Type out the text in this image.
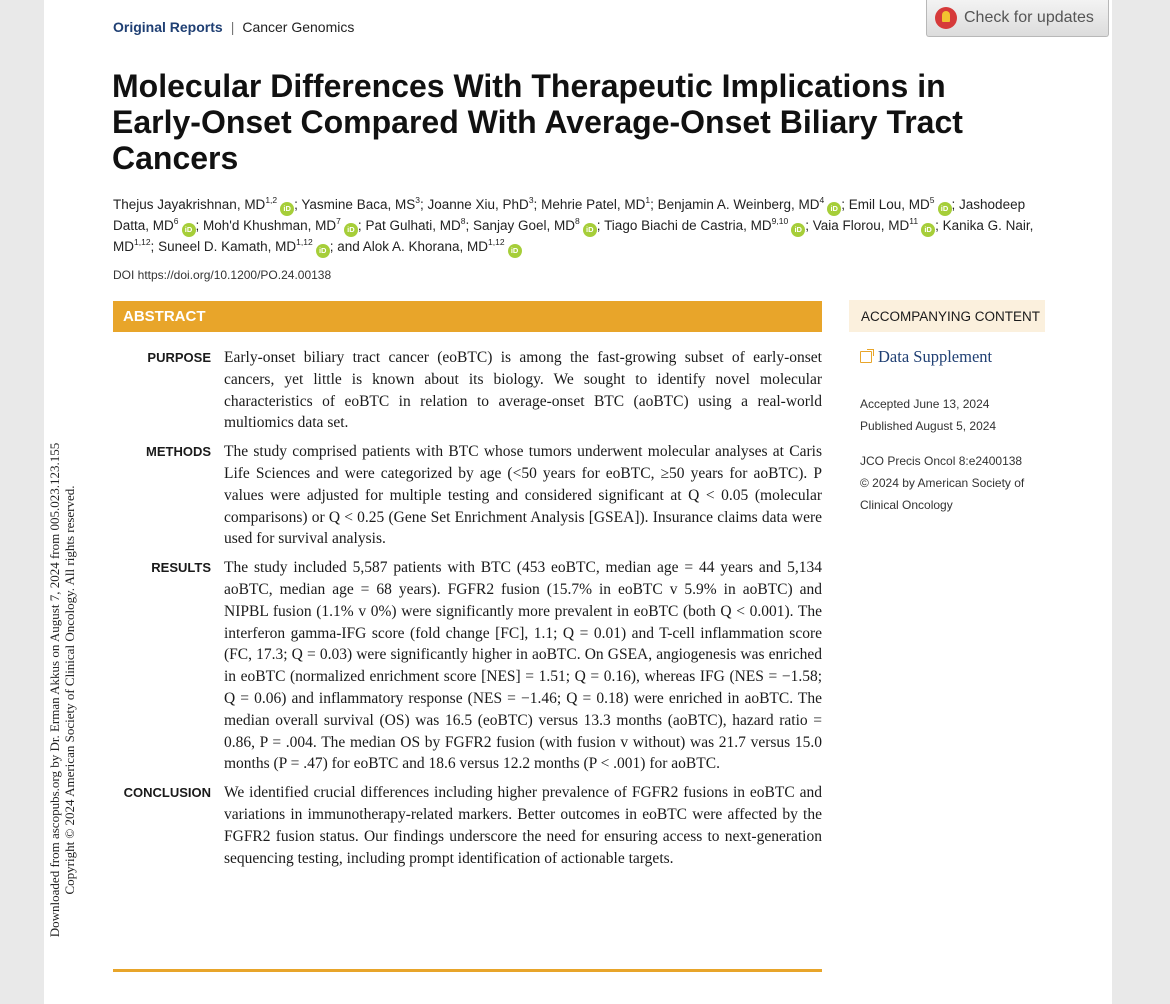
Downloaded from ascopubs.org by Dr. Erman Akkus on August 7, 2024 from 005.023.123.155 Copyright © 2024 American Society of Clinical Oncology. All rights reserved.
Check for updates
Original Reports | Cancer Genomics
Molecular Differences With Therapeutic Implications in Early-Onset Compared With Average-Onset Biliary Tract Cancers
Thejus Jayakrishnan, MD$^{1,2}$iD ; Yasmine Baca, $MS^3$; Joanne Xiu, PhD$^3$; Mehrie Patel, $MD^1$; Benjamin A. Weinberg, $MD^4iD$ ; Emil Lou, $MD^5iD$ ; Jashodeep Datta, $MD^6iD$ ; Moh'd Khushman, $MD^7iD$ ; Pat Gulhati, $MD^8$; Sanjay Goel, $MD^8iD$ ; Tiago Biachi de Castria, MD$^{9,10}$iD ; Vaia Florou, MD$^{11}$iD ; Kanika G. Nair, MD$^{1,12}$; Suneel D. Kamath, MD$^{1,12}$iD ; and Alok A. Khorana, MD$^{1,12}$iD
DOI https://doi.org/10.1200/PO.24.00138
ABSTRACT	ACCOMPANYING CONTENT
Data Supplement
Accepted June 13, 2024
Published August 5, 2024
JCO Precis Oncol 8:e2400138
© 2024 by American Society of Clinical Oncology
PURPOSE Early-onset biliary tract cancer (eoBTC) is among the fast-growing subset of early-onset cancers, yet little is known about its biology. We sought to identify novel molecular characteristics of eoBTC in relation to average-onset BTC (aoBTC) using a real-world multiomics data set.
METHODS The study comprised patients with BTC whose tumors underwent molecular analyses at Caris Life Sciences and were categorized by age (<50 years for eoBTC, ≥50 years for aoBTC). P values were adjusted for multiple testing and considered significant at Q < 0.05 (molecular comparisons) or Q < 0.25 (Gene Set Enrichment Analysis [GSEA]). Insurance claims data were used for survival analysis.
RESULTS The study included 5,587 patients with BTC (453 eoBTC, median age = 44 years and 5,134 aoBTC, median age = 68 years). FGFR2 fusion (15.7% in eoBTC v 5.9% in aoBTC) and NIPBL fusion (1.1% v 0%) were significantly more prevalent in eoBTC (both Q < 0.001). The interferon gamma-IFG score (fold change [FC], 1.1; Q = 0.01) and T-cell inflammation score (FC, 17.3; Q = 0.03) were significantly higher in aoBTC. On GSEA, angiogenesis was enriched in eoBTC (normalized enrichment score [NES] = 1.51; Q = 0.16), whereas IFG (NES = −1.58; Q = 0.06) and inflammatory response (NES = −1.46; Q = 0.18) were enriched in aoBTC. The median overall survival (OS) was 16.5 (eoBTC) versus 13.3 months (aoBTC), hazard ratio = 0.86, P = .004. The median OS by FGFR2 fusion (with fusion v without) was 21.7 versus 15.0 months (P = .47) for eoBTC and 18.6 versus 12.2 months (P < .001) for aoBTC.
CONCLUSION We identified crucial differences including higher prevalence of FGFR2 fusions in eoBTC and variations in immunotherapy-related markers. Better outcomes in eoBTC were affected by the FGFR2 fusion status. Our findings underscore the need for ensuring access to next-generation sequencing testing, including prompt identification of actionable targets.
